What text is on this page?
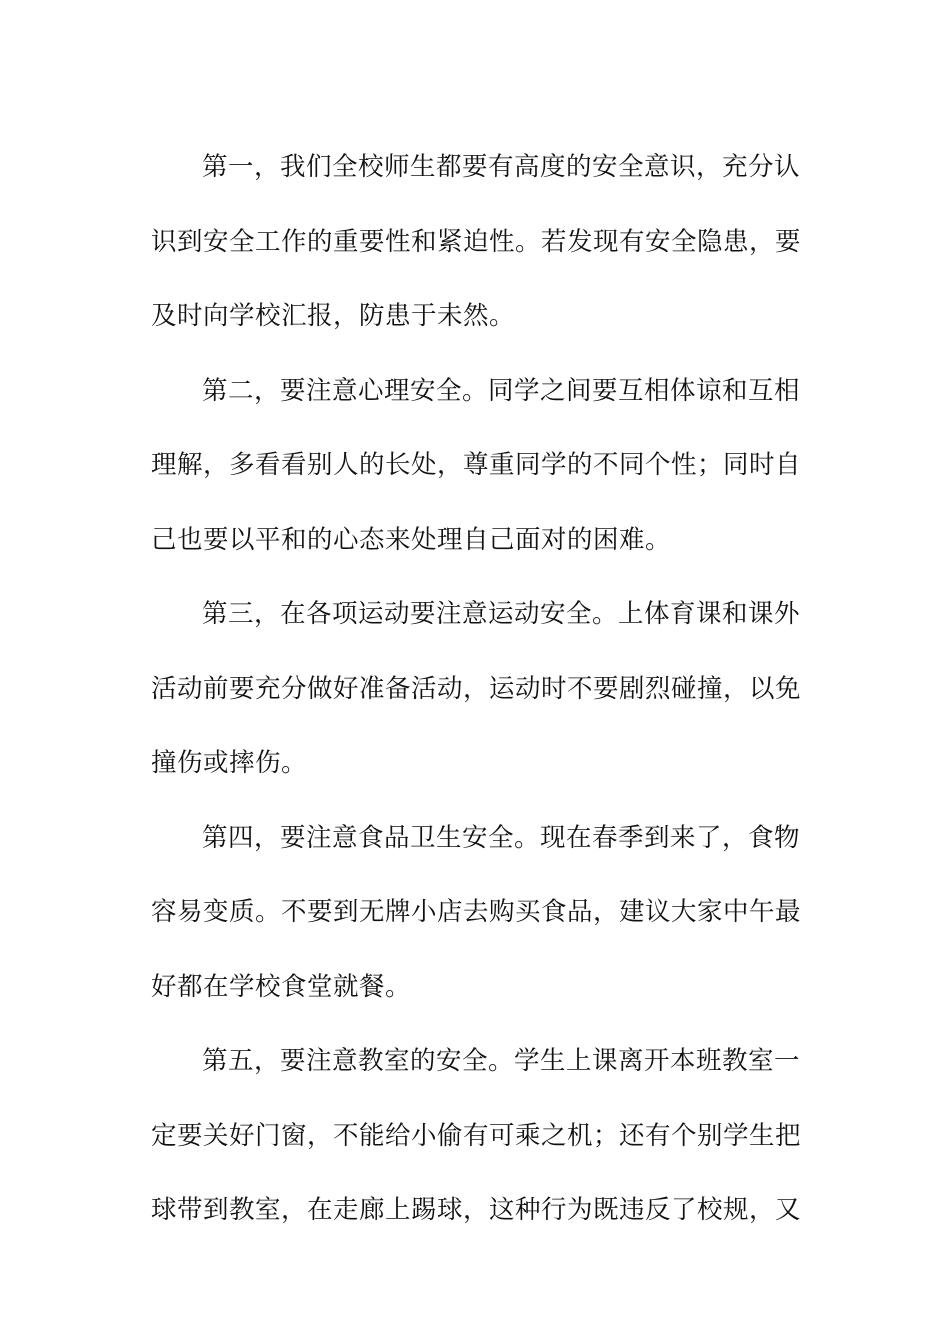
第一，我们全校师生都要有高度的安全意识，充分认
识到安全工作的重要性和紧迫性。若发现有安全隐患，要
及时向学校汇报，防患于未然。
第二，要注意心理安全。同学之间要互相体谅和互相
理解，多看看别人的长处，尊重同学的不同个性；同时自
己也要以平和的心态来处理自己面对的困难。
第三，在各项运动要注意运动安全。上体育课和课外
活动前要充分做好准备活动，运动时不要剧烈碰撞，以免
撞伤或摔伤。
第四，要注意食品卫生安全。现在春季到来了，食物
容易变质。不要到无牌小店去购买食品，建议大家中午最
好都在学校食堂就餐。
第五，要注意教室的安全。学生上课离开本班教室一
定要关好门窗，不能给小偷有可乘之机；还有个别学生把
球带到教室，在走廊上踢球，这种行为既违反了校规，又
